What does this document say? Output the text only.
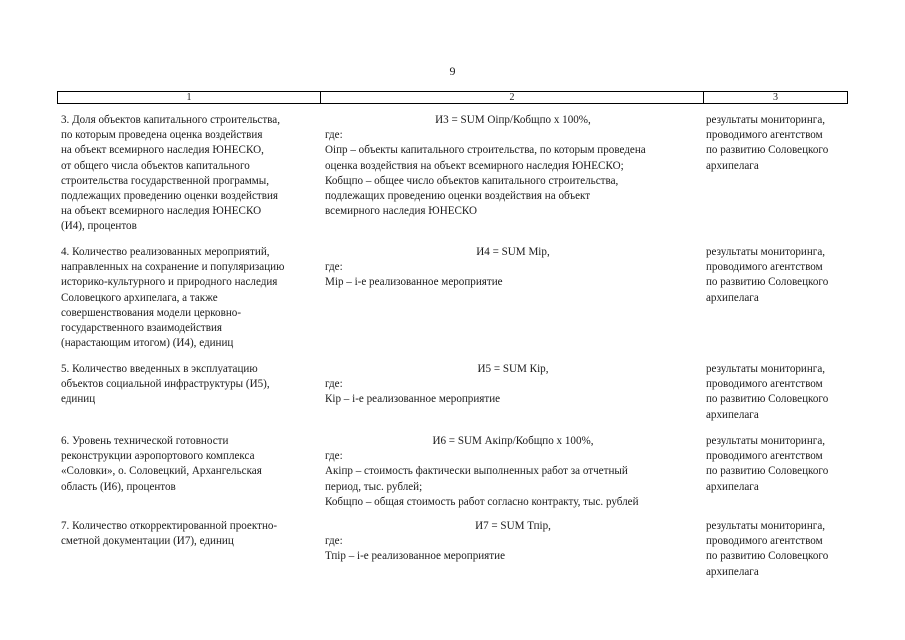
9
1	2	3
3. Доля объектов капитального строительства,
по которым проведена оценка воздействия
на объект всемирного наследия ЮНЕСКО,
от общего числа объектов капитального
строительства государственной программы,
подлежащих проведению оценки воздействия
на объект всемирного наследия ЮНЕСКО
(И4), процентов
И3 = SUM Оiпр/Кобщпо х 100%,
где:
Оiпр – объекты капитального строительства, по которым проведена
оценка воздействия на объект всемирного наследия ЮНЕСКО;
Кобщпо – общее число объектов капитального строительства,
подлежащих проведению оценки воздействия на объект
всемирного наследия ЮНЕСКО
результаты мониторинга,
проводимого агентством
по развитию Соловецкого
архипелага
4. Количество реализованных мероприятий,
направленных на сохранение и популяризацию
историко-культурного и природного наследия
Соловецкого архипелага, а также
совершенствования модели церковно-
государственного взаимодействия
(нарастающим итогом) (И4), единиц
И4 = SUM Мiр,
где:
Мiр – i-е реализованное мероприятие
результаты мониторинга,
проводимого агентством
по развитию Соловецкого
архипелага
5. Количество введенных в эксплуатацию
объектов социальной инфраструктуры (И5),
единиц
И5 = SUM Кiр,
где:
Кiр – i-е реализованное мероприятие
результаты мониторинга,
проводимого агентством
по развитию Соловецкого
архипелага
6. Уровень технической готовности
реконструкции аэропортового комплекса
«Соловки», о. Соловецкий, Архангельская
область (И6), процентов
И6 = SUM Акiпр/Кобщпо х 100%,
где:
Акiпр – стоимость фактически выполненных работ за отчетный
период, тыс. рублей;
Кобщпо – общая стоимость работ согласно контракту, тыс. рублей
результаты мониторинга,
проводимого агентством
по развитию Соловецкого
архипелага
7. Количество откорректированной проектно-
сметной документации (И7), единиц
И7 = SUM Тпiр,
где:
Тпiр – i-е реализованное мероприятие
результаты мониторинга,
проводимого агентством
по развитию Соловецкого
архипелага
